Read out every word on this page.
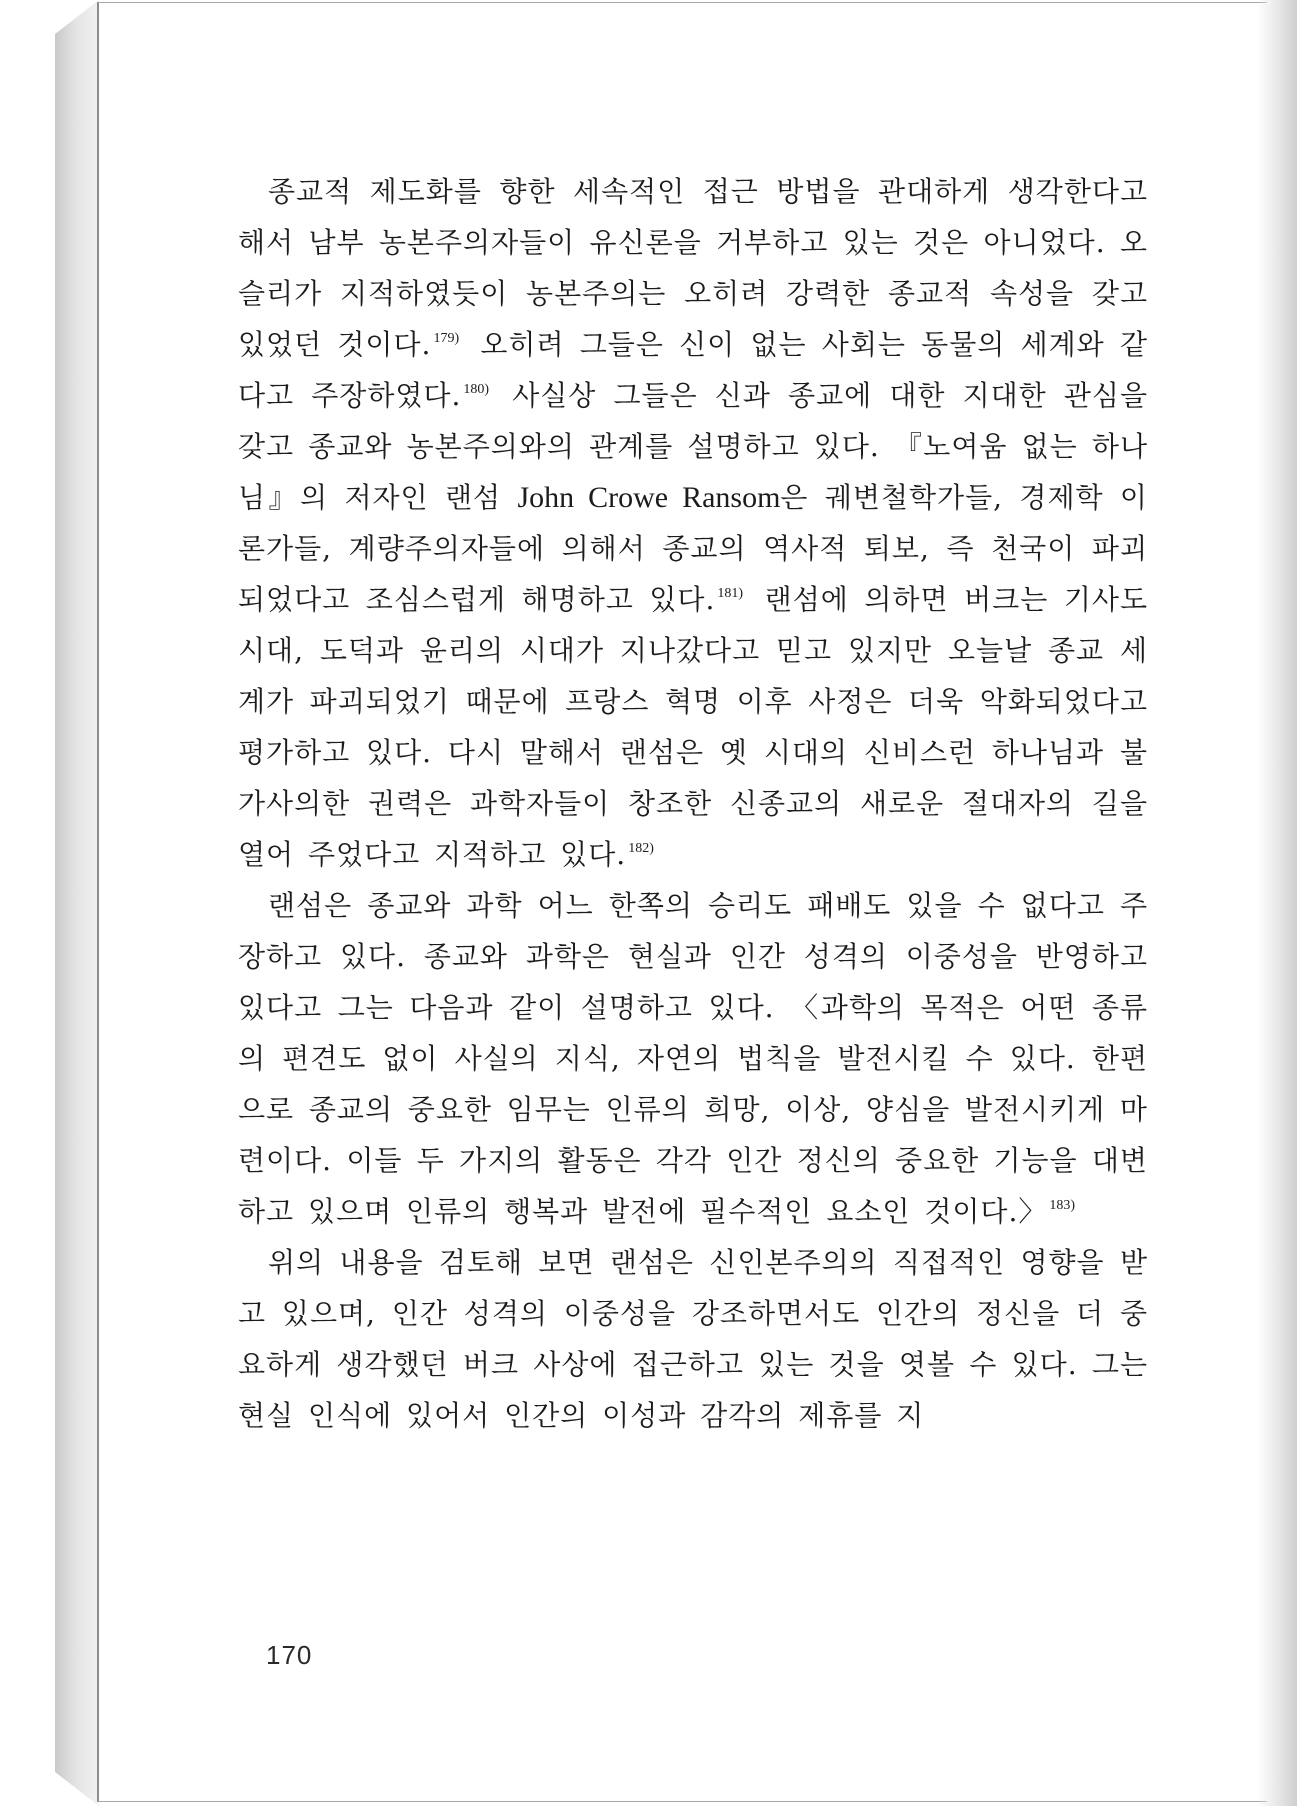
종교적 제도화를 향한 세속적인 접근 방법을 관대하게 생각한다고 해서 남부 농본주의자들이 유신론을 거부하고 있는 것은 아니었다. 오슬리가 지적하였듯이 농본주의는 오히려 강력한 종교적 속성을 갖고 있었던 것이다. $^{179)}$ 오히려 그들은 신이 없는 사회는 동물의 세계와 같다고 주장하였다. $^{180)}$ 사실상 그들은 신과 종교에 대한 지대한 관심을 갖고 종교와 농본주의와의 관계를 설명하고 있다. 『노여움 없는 하나님』의 저자인 랜섬 John Crowe Ransom은 궤변철학가들, 경제학 이론가들, 계량주의자들에 의해서 종교의 역사적 퇴보, 즉 천국이 파괴되었다고 조심스럽게 해명하고 있다. $^{181)}$ 랜섬에 의하면 버크는 기사도 시대, 도덕과 윤리의 시대가 지나갔다고 믿고 있지만 오늘날 종교 세계가 파괴되었기 때문에 프랑스 혁명 이후 사정은 더욱 악화되었다고 평가하고 있다. 다시 말해서 랜섬은 옛 시대의 신비스런 하나님과 불가사의한 권력은 과학자들이 창조한 신종교의 새로운 절대자의 길을 열어 주었다고 지적하고 있다. $^{182)}$

랜섬은 종교와 과학 어느 한쪽의 승리도 패배도 있을 수 없다고 주장하고 있다. 종교와 과학은 현실과 인간 성격의 이중성을 반영하고 있다고 그는 다음과 같이 설명하고 있다. 〈과학의 목적은 어떤 종류의 편견도 없이 사실의 지식, 자연의 법칙을 발전시킬 수 있다. 한편으로 종교의 중요한 임무는 인류의 희망, 이상, 양심을 발전시키게 마련이다. 이들 두 가지의 활동은 각각 인간 정신의 중요한 기능을 대변하고 있으며 인류의 행복과 발전에 필수적인 요소인 것이다.〉 $^{183)}$

위의 내용을 검토해 보면 랜섬은 신인본주의의 직접적인 영향을 받고 있으며, 인간 성격의 이중성을 강조하면서도 인간의 정신을 더 중요하게 생각했던 버크 사상에 접근하고 있는 것을 엿볼 수 있다. 그는 현실 인식에 있어서 인간의 이성과 감각의 제휴를 지

170
